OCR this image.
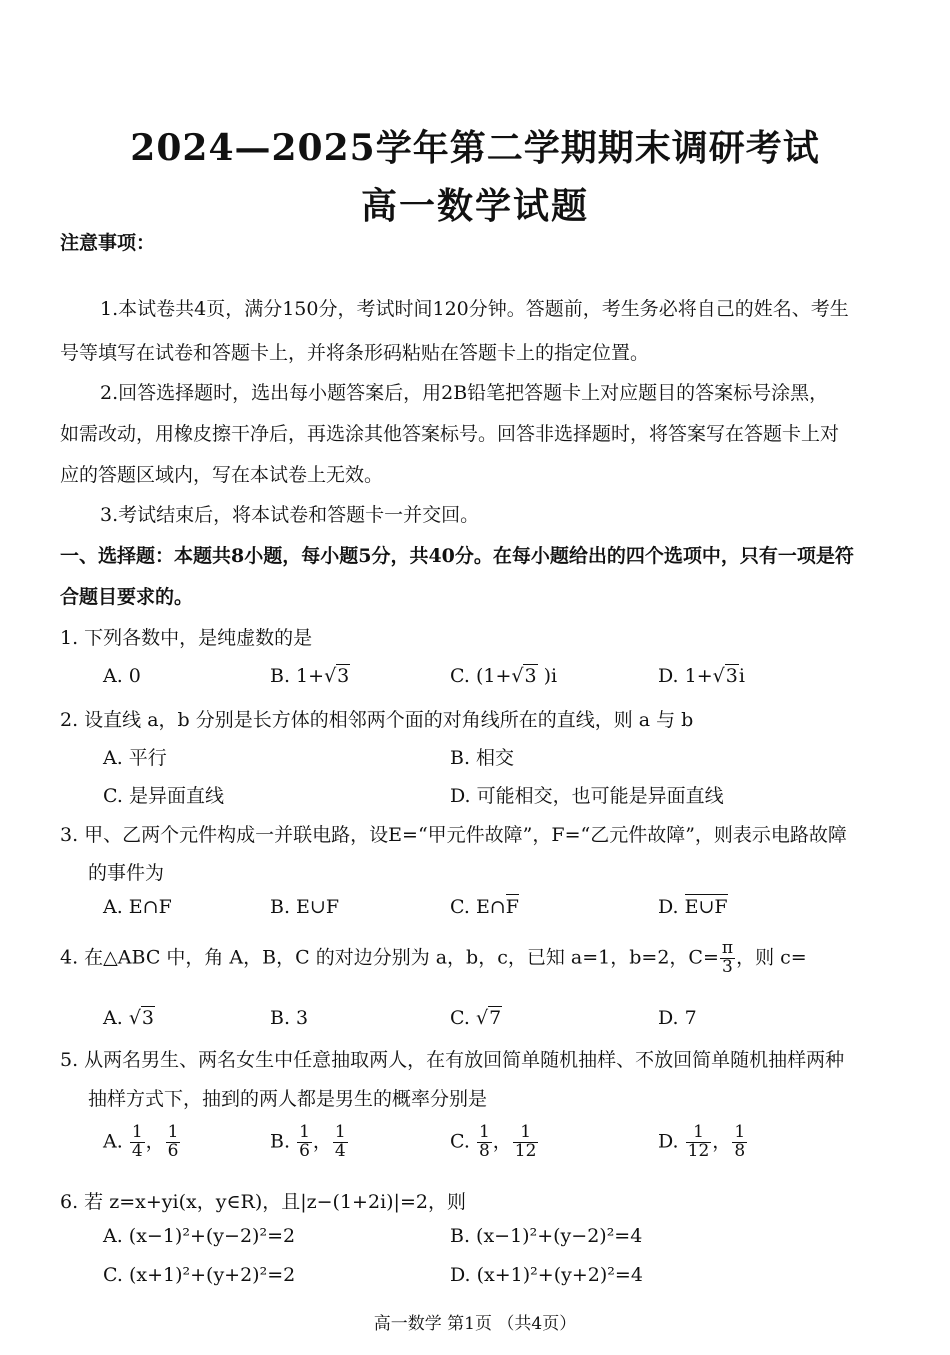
2024—2025学年第二学期期末调研考试
高一数学试题
注意事项：
1.本试卷共4页，满分150分，考试时间120分钟。答题前，考生务必将自己的姓名、考生
号等填写在试卷和答题卡上，并将条形码粘贴在答题卡上的指定位置。
2.回答选择题时，选出每小题答案后，用2B铅笔把答题卡上对应题目的答案标号涂黑，
如需改动，用橡皮擦干净后，再选涂其他答案标号。回答非选择题时，将答案写在答题卡上对
应的答题区域内，写在本试卷上无效。
3.考试结束后，将本试卷和答题卡一并交回。
一、选择题：本题共8小题，每小题5分，共40分。在每小题给出的四个选项中，只有一项是符
合题目要求的。
1. 下列各数中，是纯虚数的是
A. 0	B. 1+√3	C. (1+√3 )i	D. 1+√3i
2. 设直线 a，b 分别是长方体的相邻两个面的对角线所在的直线，则 a 与 b
A. 平行	B. 相交
C. 是异面直线	D. 可能相交，也可能是异面直线
3. 甲、乙两个元件构成一并联电路，设E=“甲元件故障”，F=“乙元件故障”，则表示电路故障
的事件为
A. E∩F	B. E∪F	C. E∩F	D. E∪F
4. 在△ABC 中，角 A，B，C 的对边分别为 a，b，c，已知 a=1，b=2，$C= \frac{\pi}{3}$ ，则 c=
A. √3	B. 3	C. √7	D. 7
5. 从两名男生、两名女生中任意抽取两人，在有放回简单随机抽样、不放回简单随机抽样两种
抽样方式下，抽到的两人都是男生的概率分别是
A. $\frac{1}{4}$ ， $\frac{1}{6}$	B. $\frac{1}{6}$ ， $\frac{1}{4}$	C. $\frac{1}{8}$ ， $\frac{1}{12}$	D. $\frac{1}{12}$ ， $\frac{1}{8}$
6. 若 z=x+yi(x，y∈R)，且|z−(1+2i)|=2，则
A. (x−1)²+(y−2)²=2	B. (x−1)²+(y−2)²=4
C. (x+1)²+(y+2)²=2	D. (x+1)²+(y+2)²=4
高一数学 第1页 （共4页）
